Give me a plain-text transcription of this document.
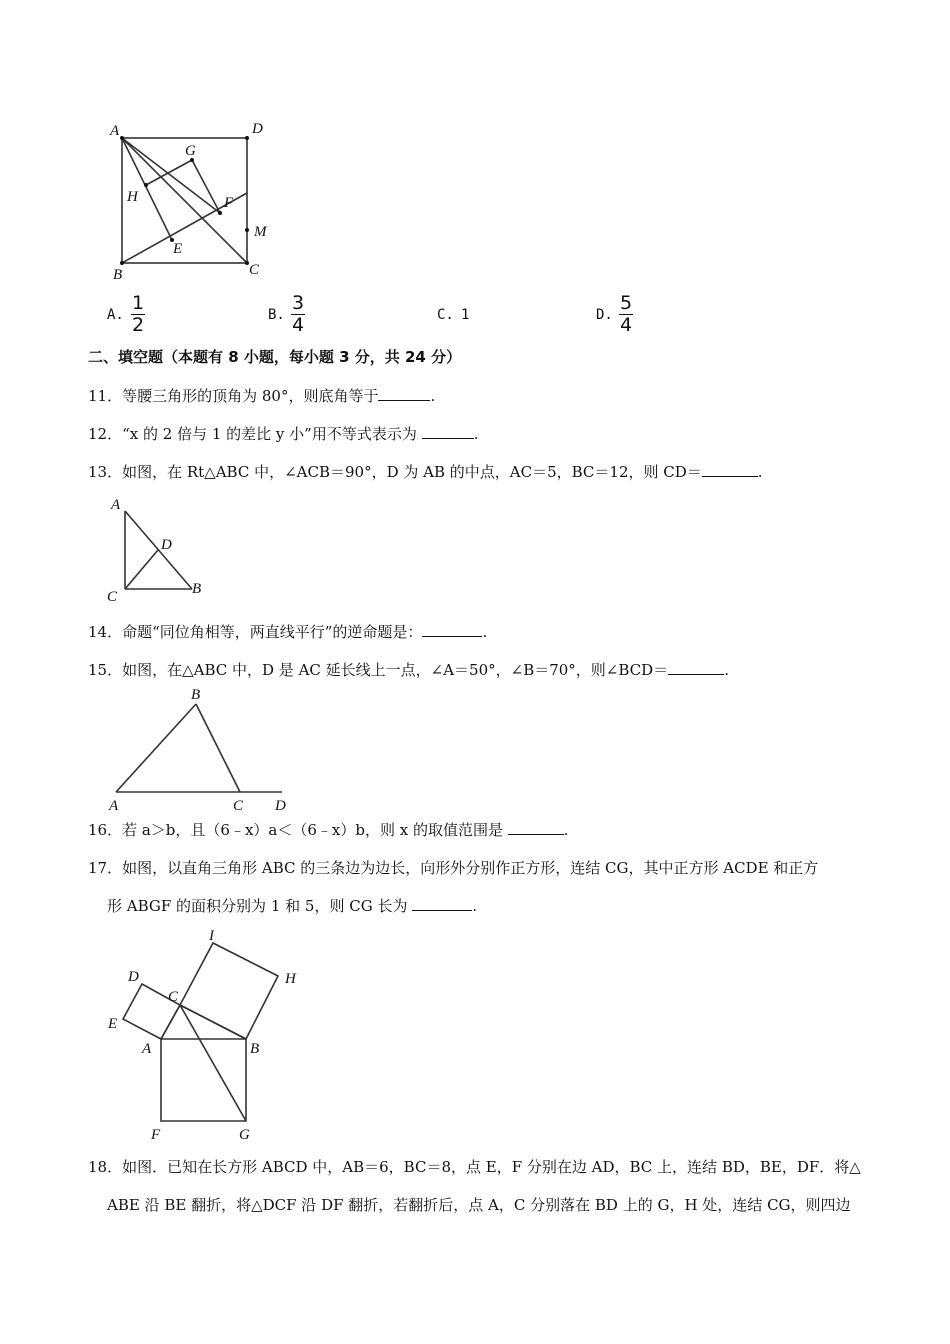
A	D
G
H	F
M
E
B	C
A. $\frac{1}{2}$	B. $\frac{3}{4}$	C. 1	D. $\frac{5}{4}$
二、填空题（本题有 8 小题，每小题 3 分，共 24 分）
11．等腰三角形的顶角为 80°，则底角等于	.
12．“x 的 2 倍与 1 的差比 y 小”用不等式表示为	.
13．如图，在 Rt△ABC 中，∠ACB＝90°，D 为 AB 的中点，AC＝5，BC＝12，则 CD＝	.
A
D
B
C
14．命题“同位角相等，两直线平行”的逆命题是：	.
15．如图，在△ABC 中，D 是 AC 延长线上一点，∠A＝50°，∠B＝70°，则∠BCD＝	.
B
A	C D
16．若 a＞b，且（6﹣x）a＜（6﹣x）b，则 x 的取值范围是	.
17．如图，以直角三角形 ABC 的三条边为边长，向形外分别作正方形，连结 CG，其中正方形 ACDE 和正方
形 ABGF 的面积分别为 1 和 5，则 CG 长为	.
I
D	H
C
E
A	B
F	G
18．如图．已知在长方形 ABCD 中，AB＝6，BC＝8，点 E，F 分别在边 AD，BC 上，连结 BD，BE，DF．将△
ABE 沿 BE 翻折，将△DCF 沿 DF 翻折，若翻折后，点 A，C 分别落在 BD 上的 G，H 处，连结 CG，则四边
